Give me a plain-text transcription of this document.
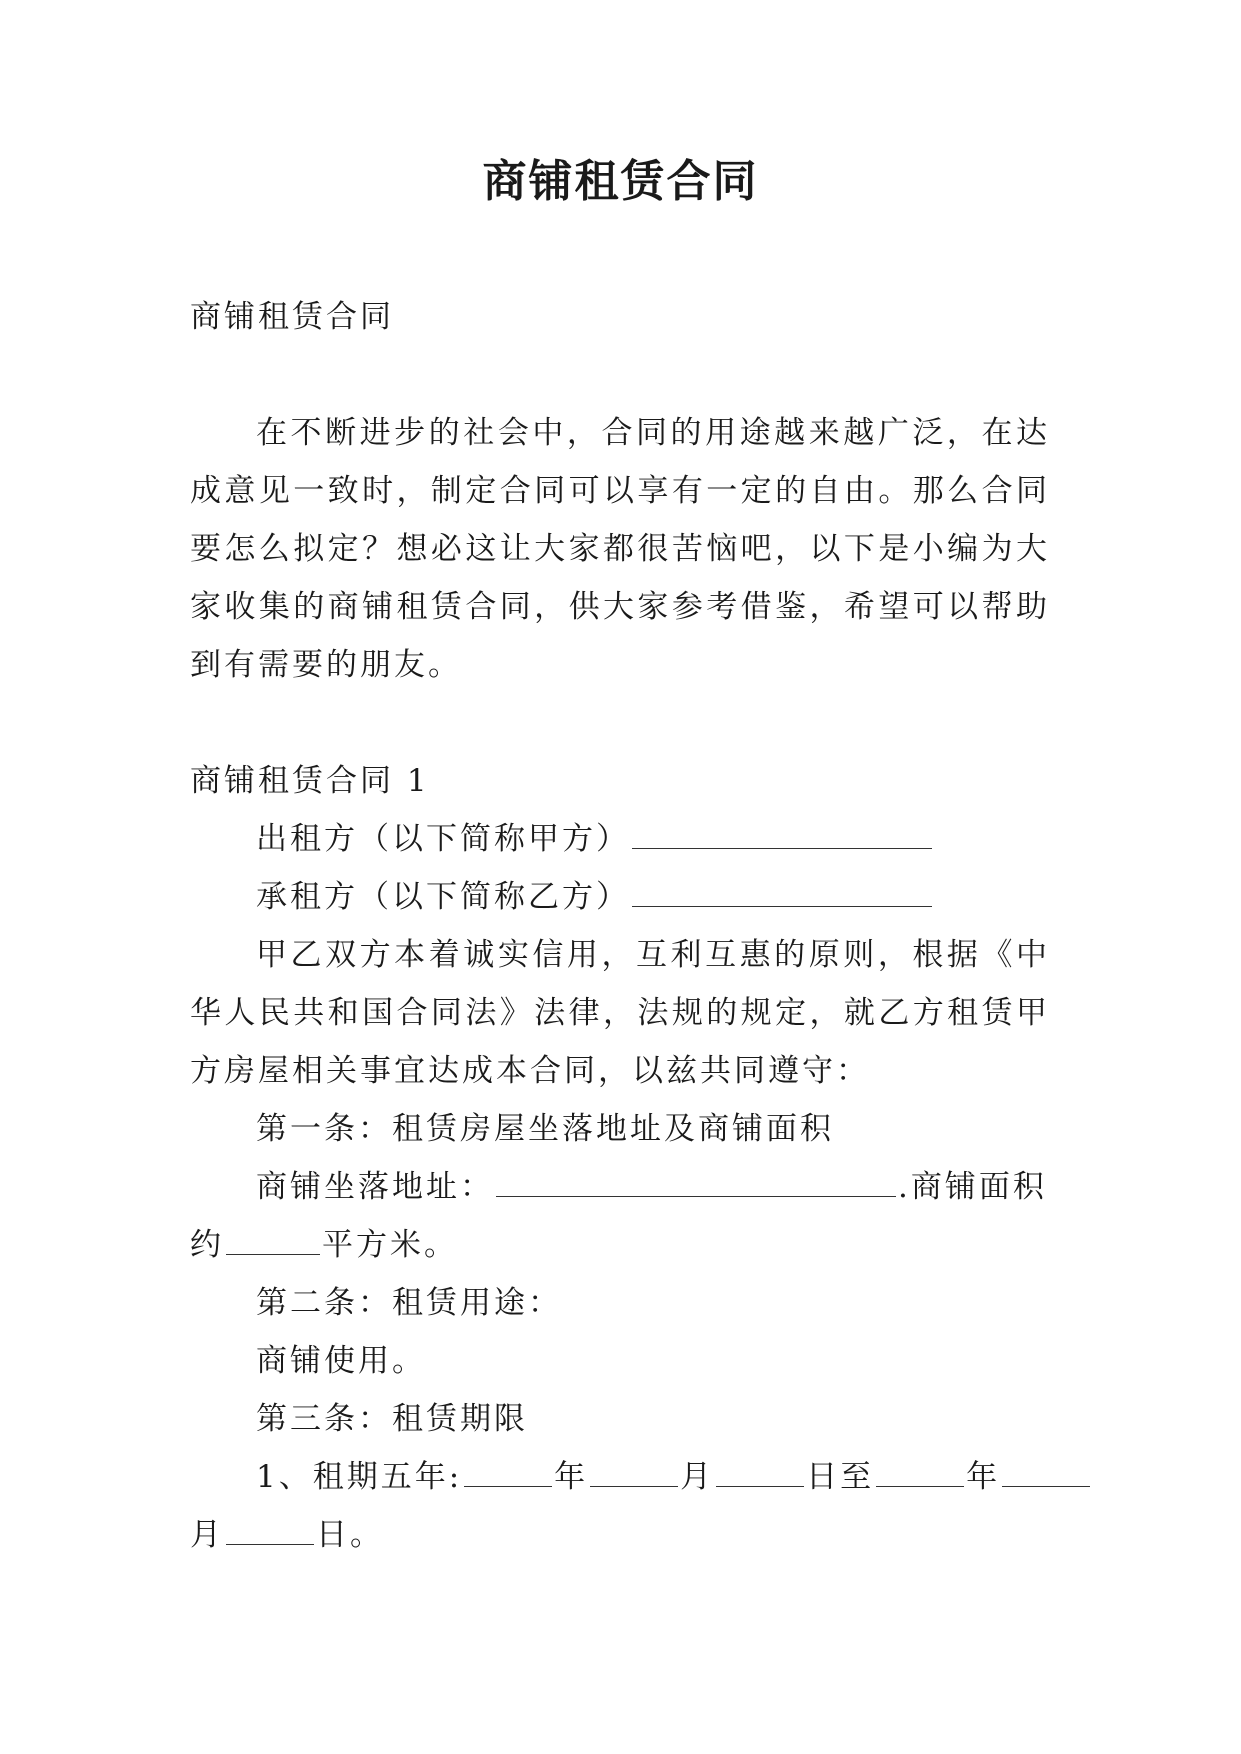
商铺租赁合同

商铺租赁合同

在不断进步的社会中，合同的用途越来越广泛，在达成意见一致时，制定合同可以享有一定的自由。那么合同要怎么拟定？想必这让大家都很苦恼吧，以下是小编为大家收集的商铺租赁合同，供大家参考借鉴，希望可以帮助到有需要的朋友。

商铺租赁合同 1

出租方（以下简称甲方）

承租方（以下简称乙方）

甲乙双方本着诚实信用，互利互惠的原则，根据《中华人民共和国合同法》法律，法规的规定，就乙方租赁甲方房屋相关事宜达成本合同，以兹共同遵守：

第一条：租赁房屋坐落地址及商铺面积

商铺坐落地址：	.商铺面积

约	平方米。

第二条：租赁用途：

商铺使用。

第三条：租赁期限

1、租期五年:	年	月	日至	年

月	日。
